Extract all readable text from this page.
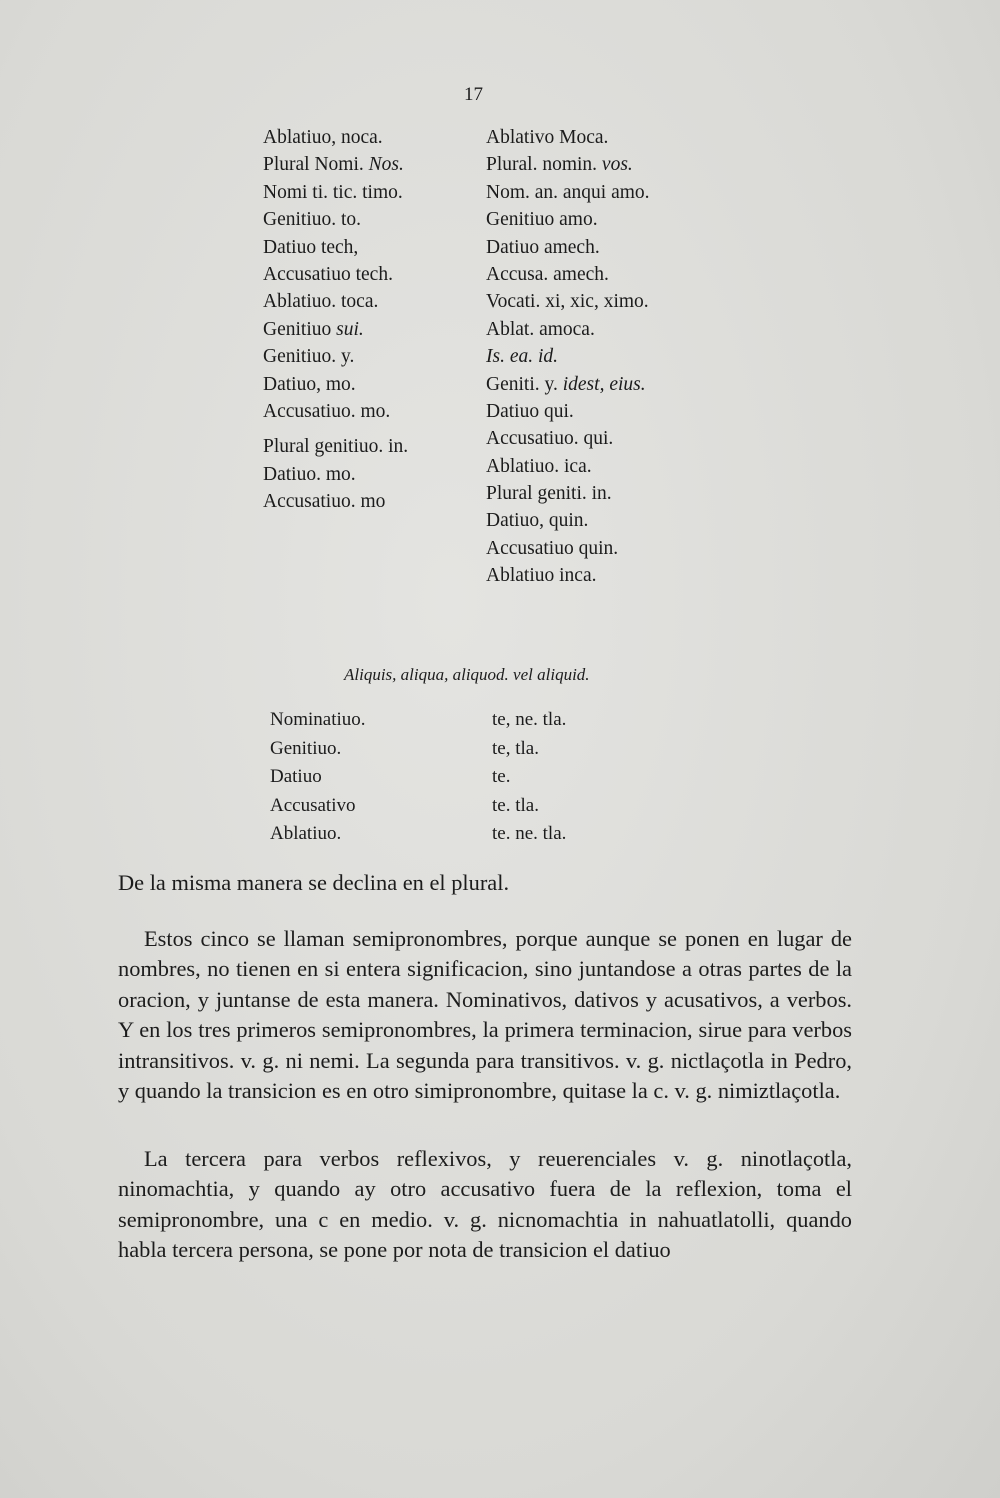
17
Ablatiuo, noca.
Plural Nomi. Nos.
Nomi ti. tic. timo.
Genitiuo. to.
Datiuo tech,
Accusatiuo tech.
Ablatiuo. toca.
Genitiuo sui.
Genitiuo. y.
Datiuo, mo.
Accusatiuo. mo.
Plural genitiuo. in.
Datiuo. mo.
Accusatiuo. mo
Ablativo Moca.
Plural. nomin. vos.
Nom. an. anqui amo.
Genitiuo amo.
Datiuo amech.
Accusa. amech.
Vocati. xi, xic, ximo.
Ablat. amoca.
Is. ea. id.
Geniti. y. idest, eius.
Datiuo qui.
Accusatiuo. qui.
Ablatiuo. ica.
Plural geniti. in.
Datiuo, quin.
Accusatiuo quin.
Ablatiuo inca.
Aliquis, aliqua, aliquod. vel aliquid.
Nominatiuo.
Genitiuo.
Datiuo
Accusativo
Ablatiuo.
te, ne. tla.
te, tla.
te.
te. tla.
te. ne. tla.
De la misma manera se declina en el plural.
Estos cinco se llaman semipronombres, porque aunque se ponen en lugar de nombres, no tienen en si entera significacion, sino juntandose a otras partes de la oracion, y juntanse de esta manera. Nominativos, dativos y acusativos, a verbos. Y en los tres primeros semipronombres, la primera terminacion, sirue para verbos intransitivos. v. g. ni nemi. La segunda para transitivos. v. g. nictlaçotla in Pedro, y quando la transicion es en otro simipronombre, quitase la c. v. g. nimiztlaçotla.
La tercera para verbos reflexivos, y reuerenciales v. g. ninotlaçotla, ninomachtia, y quando ay otro accusativo fuera de la reflexion, toma el semipronombre, una c en medio. v. g. nicnomachtia in nahuatlatolli, quando habla tercera persona, se pone por nota de transicion el datiuo
